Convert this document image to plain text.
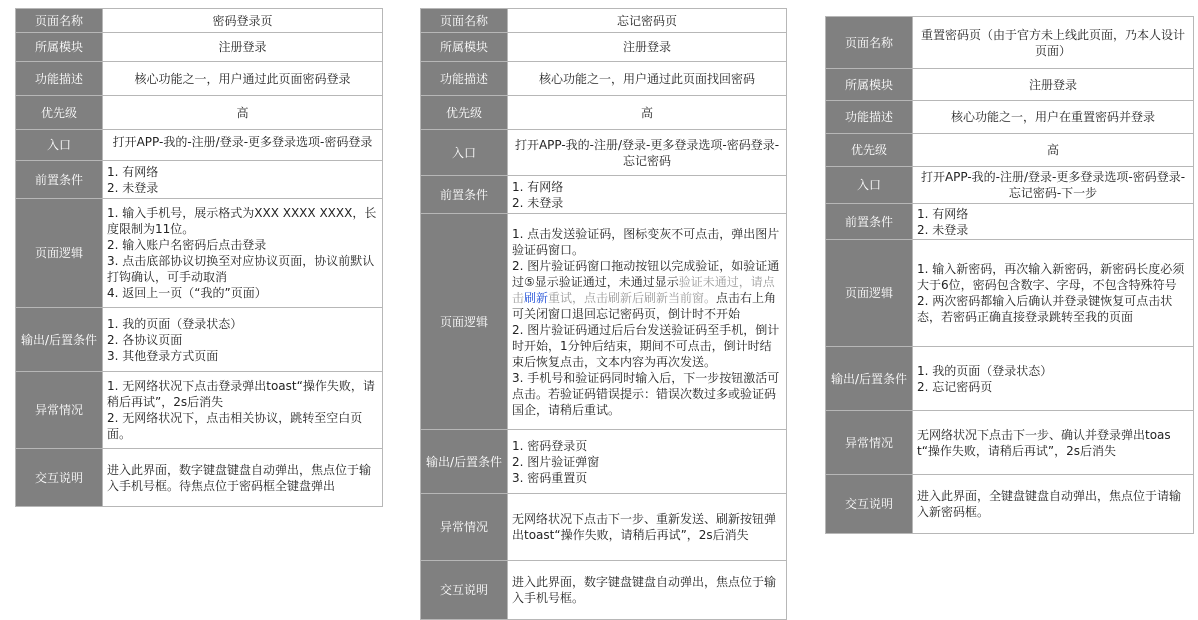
页面名称	密码登录页

所属模块	注册登录

功能描述	核心功能之一，用户通过此页面密码登录

优先级	高

入口	打开APP-我的-注册/登录-更多登录选项-密码登录

前置条件	1. 有网络
2. 未登录

页面逻辑	1. 输入手机号，展示格式为XXX XXXX XXXX，长度限制为11位。
2. 输入账户名密码后点击登录
3. 点击底部协议切换至对应协议页面，协议前默认打钩确认，可手动取消
4. 返回上一页（“我的”页面）

输出/后置条件	1. 我的页面（登录状态）
2. 各协议页面
3. 其他登录方式页面

异常情况	1. 无网络状况下点击登录弹出toast“操作失败，请稍后再试”，2s后消失
2. 无网络状况下，点击相关协议，跳转至空白页面。

交互说明	进入此界面，数字键盘键盘自动弹出，焦点位于输入手机号框。待焦点位于密码框全键盘弹出
页面名称	忘记密码页

所属模块	注册登录

功能描述	核心功能之一，用户通过此页面找回密码

优先级	高

入口	打开APP-我的-注册/登录-更多登录选项-密码登录-忘记密码

前置条件	1. 有网络
2. 未登录

页面逻辑	1. 点击发送验证码，图标变灰不可点击，弹出图片验证码窗口。
2. 图片验证码窗口拖动按钮以完成验证，如验证通过⑤显示验证通过，未通过显示验证未通过，请点击刷新重试，点击刷新后刷新当前窗。点击右上角可关闭窗口退回忘记密码页，倒计时不开始
2. 图片验证码通过后后台发送验证码至手机，倒计时开始，1分钟后结束，期间不可点击，倒计时结束后恢复点击，文本内容为再次发送。
3. 手机号和验证码同时输入后，下一步按钮激活可点击。若验证码错误提示：错误次数过多或验证码国企，请稍后重试。

输出/后置条件	1. 密码登录页
2. 图片验证弹窗
3. 密码重置页

异常情况	无网络状况下点击下一步、重新发送、刷新按钮弹出toast“操作失败，请稍后再试”，2s后消失

交互说明	进入此界面，数字键盘键盘自动弹出，焦点位于输入手机号框。
页面名称	重置密码页（由于官方未上线此页面，乃本人设计页面）

所属模块	注册登录

功能描述	核心功能之一，用户在重置密码并登录

优先级	高

入口	打开APP-我的-注册/登录-更多登录选项-密码登录-忘记密码-下一步

前置条件	1. 有网络
2. 未登录

页面逻辑	1. 输入新密码，再次输入新密码，新密码长度必须大于6位，密码包含数字、字母，不包含特殊符号
2. 两次密码都输入后确认并登录键恢复可点击状态，若密码正确直接登录跳转至我的页面

输出/后置条件	1. 我的页面（登录状态）
2. 忘记密码页

异常情况	无网络状况下点击下一步、确认并登录弹出toast“操作失败，请稍后再试”，2s后消失

交互说明	进入此界面，全键盘键盘自动弹出，焦点位于请输入新密码框。
